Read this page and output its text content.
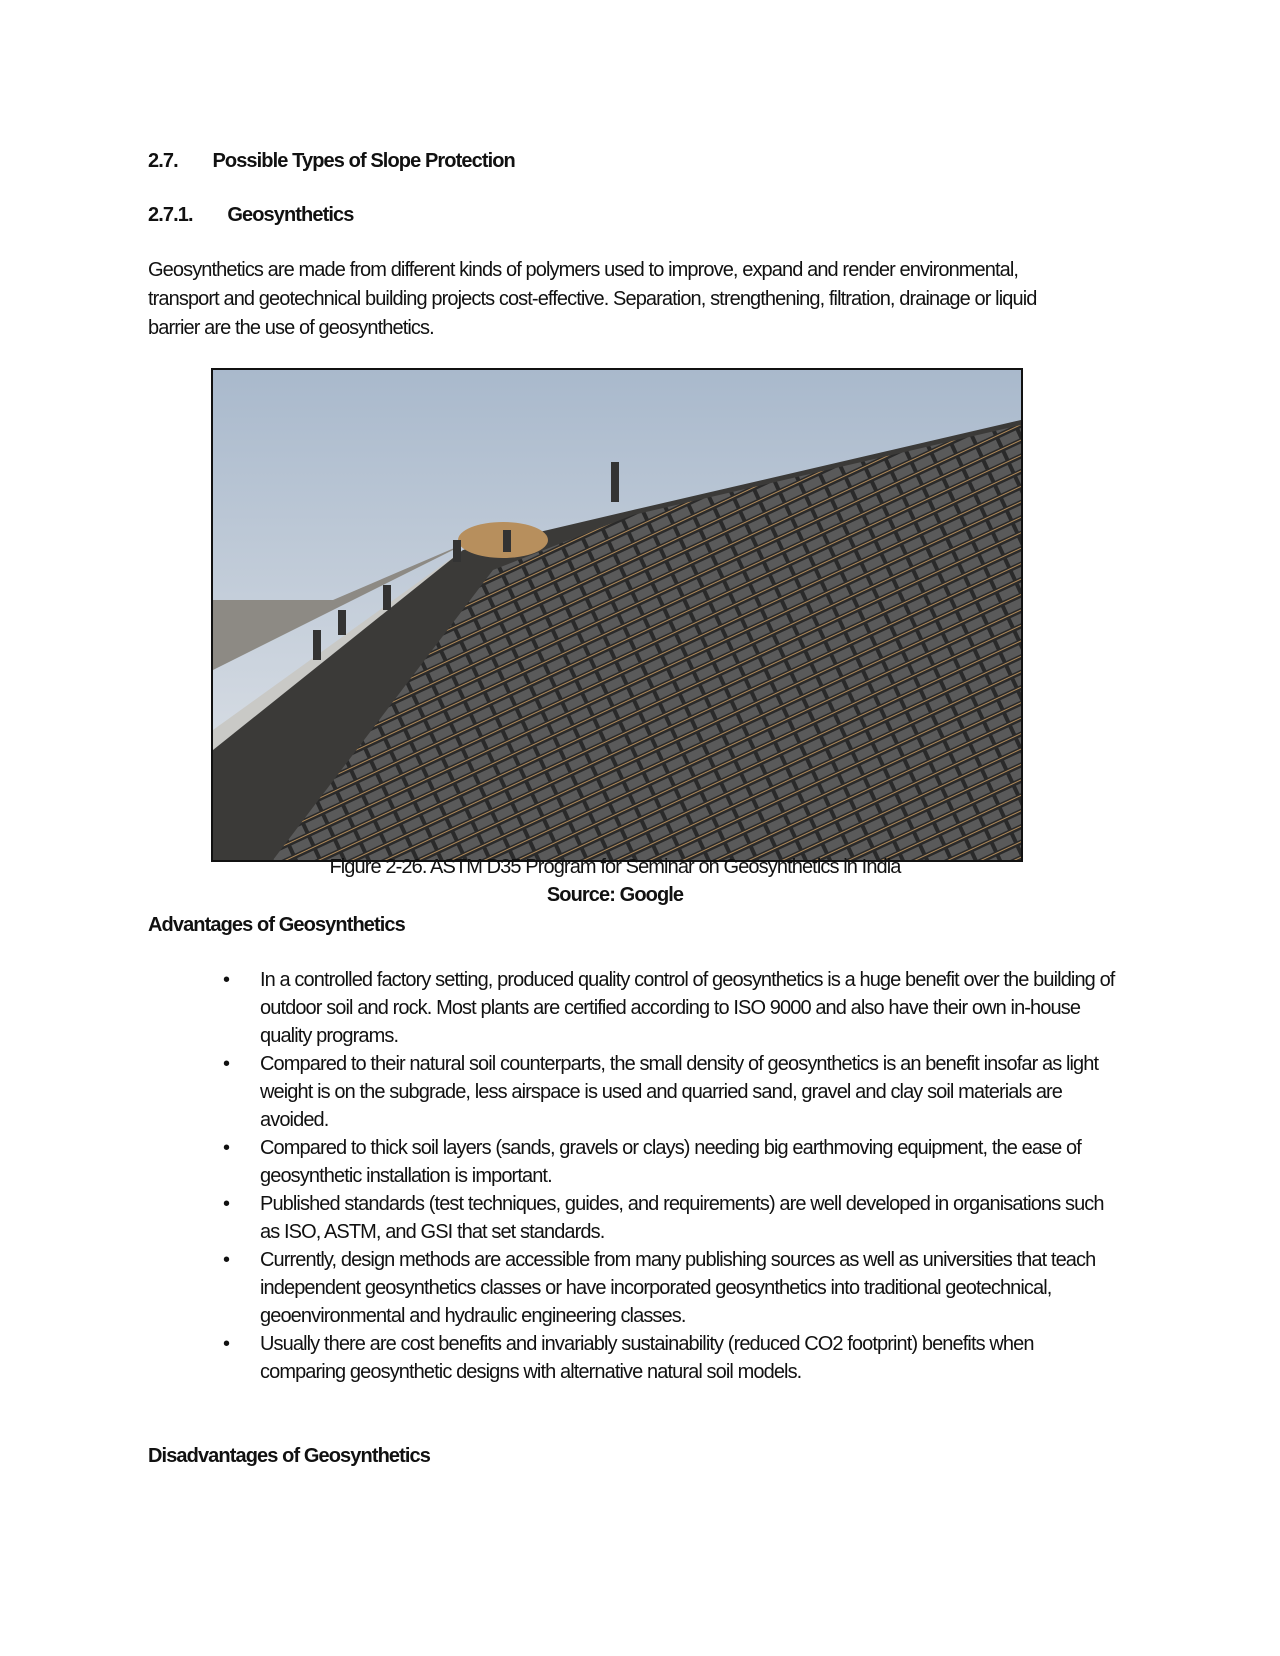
2.7. Possible Types of Slope Protection
2.7.1. Geosynthetics
Geosynthetics are made from different kinds of polymers used to improve, expand and render environmental, transport and geotechnical building projects cost-effective. Separation, strengthening, filtration, drainage or liquid barrier are the use of geosynthetics.
Figure 2-26. ASTM D35 Program for Seminar on Geosynthetics in India
Source: Google
Advantages of Geosynthetics
• In a controlled factory setting, produced quality control of geosynthetics is a huge benefit over the building of outdoor soil and rock. Most plants are certified according to ISO 9000 and also have their own in-house quality programs.
• Compared to their natural soil counterparts, the small density of geosynthetics is an benefit insofar as light weight is on the subgrade, less airspace is used and quarried sand, gravel and clay soil materials are avoided.
• Compared to thick soil layers (sands, gravels or clays) needing big earthmoving equipment, the ease of geosynthetic installation is important.
• Published standards (test techniques, guides, and requirements) are well developed in organisations such as ISO, ASTM, and GSI that set standards.
• Currently, design methods are accessible from many publishing sources as well as universities that teach independent geosynthetics classes or have incorporated geosynthetics into traditional geotechnical, geoenvironmental and hydraulic engineering classes.
• Usually there are cost benefits and invariably sustainability (reduced CO2 footprint) benefits when comparing geosynthetic designs with alternative natural soil models.
Disadvantages of Geosynthetics
